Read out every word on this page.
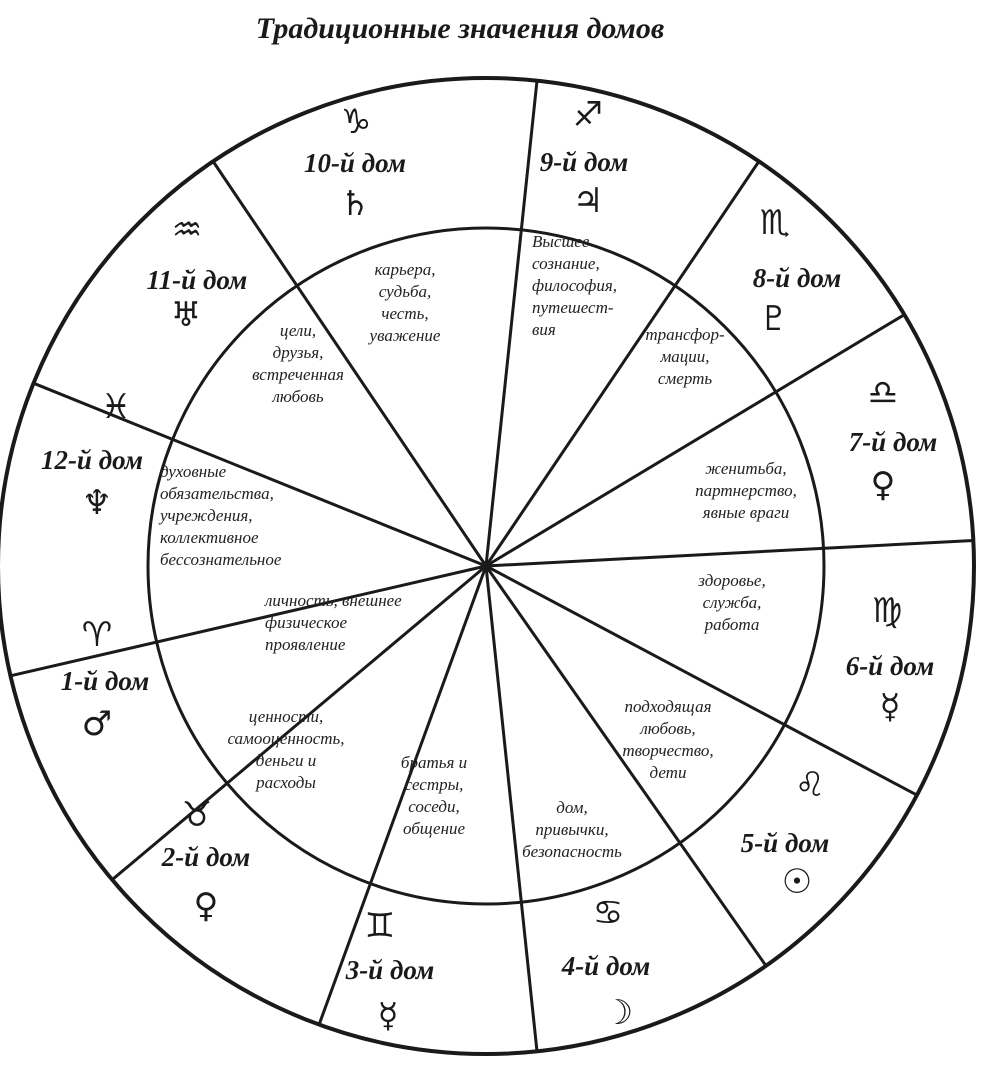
Традиционные значения домов
♈
1-й дом
♂
личность, внешнее физическое проявление
♉
2-й дом
♀
ценности, самооценность, деньги и расходы
♊
3-й дом
☿
братья и сестры, соседи, общение
♋
4-й дом
☽
дом, привычки, безопасность
♌
5-й дом
☉
подходящая любовь, творчество, дети
♍
6-й дом
☿
здоровье, служба, работа
♎
7-й дом
♀
женитьба, партнерство, явные враги
♏
8-й дом
♇
трансфор-мации, смерть
♐
9-й дом
♃
Высшее сознание, философия, путешест-вия
♑
10-й дом
♄
карьера, судьба, честь, уважение
♒
11-й дом
♅	цели, друзья, встреченная любовь
♓
12-й дом
♆
духовные обязательства, учреждения, коллективное бессознательное
